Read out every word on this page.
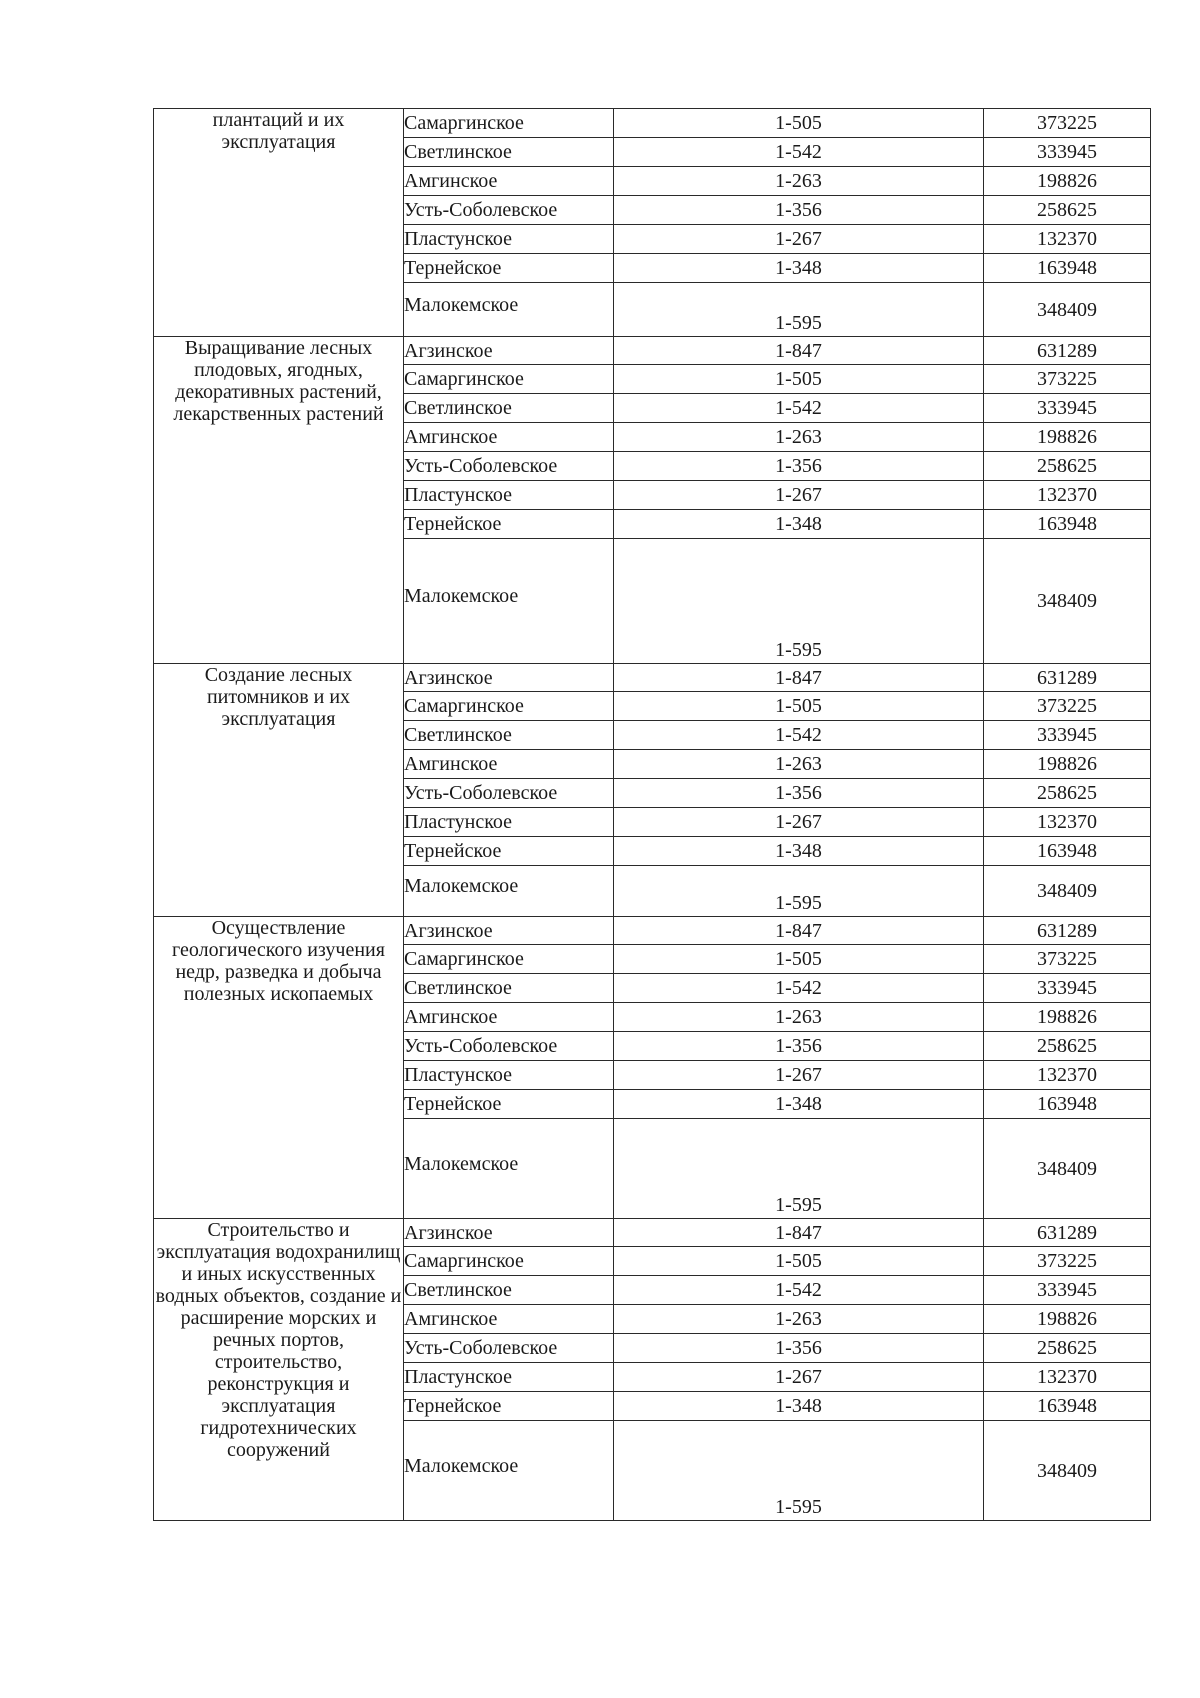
плантаций и их эксплуатация	Самаргинское	1-505	373225
	Светлинское	1-542	333945
	Амгинское	1-263	198826
	Усть-Соболевское	1-356	258625
	Пластунское	1-267	132370
	Тернейское	1-348	163948
	Малокемское	1-595	348409
Выращивание лесных плодовых, ягодных, декоративных растений, лекарственных растений	Агзинское	1-847	631289
	Самаргинское	1-505	373225
	Светлинское	1-542	333945
	Амгинское	1-263	198826
	Усть-Соболевское	1-356	258625
	Пластунское	1-267	132370
	Тернейское	1-348	163948
	Малокемское	1-595	348409
Создание лесных питомников и их эксплуатация	Агзинское	1-847	631289
	Самаргинское	1-505	373225
	Светлинское	1-542	333945
	Амгинское	1-263	198826
	Усть-Соболевское	1-356	258625
	Пластунское	1-267	132370
	Тернейское	1-348	163948
	Малокемское	1-595	348409
Осуществление геологического изучения недр, разведка и добыча полезных ископаемых	Агзинское	1-847	631289
	Самаргинское	1-505	373225
	Светлинское	1-542	333945
	Амгинское	1-263	198826
	Усть-Соболевское	1-356	258625
	Пластунское	1-267	132370
	Тернейское	1-348	163948
	Малокемское	1-595	348409
Строительство и эксплуатация водохранилищ и иных искусственных водных объектов, создание и расширение морских и речных портов, строительство, реконструкция и эксплуатация гидротехнических сооружений	Агзинское	1-847	631289
	Самаргинское	1-505	373225
	Светлинское	1-542	333945
	Амгинское	1-263	198826
	Усть-Соболевское	1-356	258625
	Пластунское	1-267	132370
	Тернейское	1-348	163948
	Малокемское	1-595	348409
